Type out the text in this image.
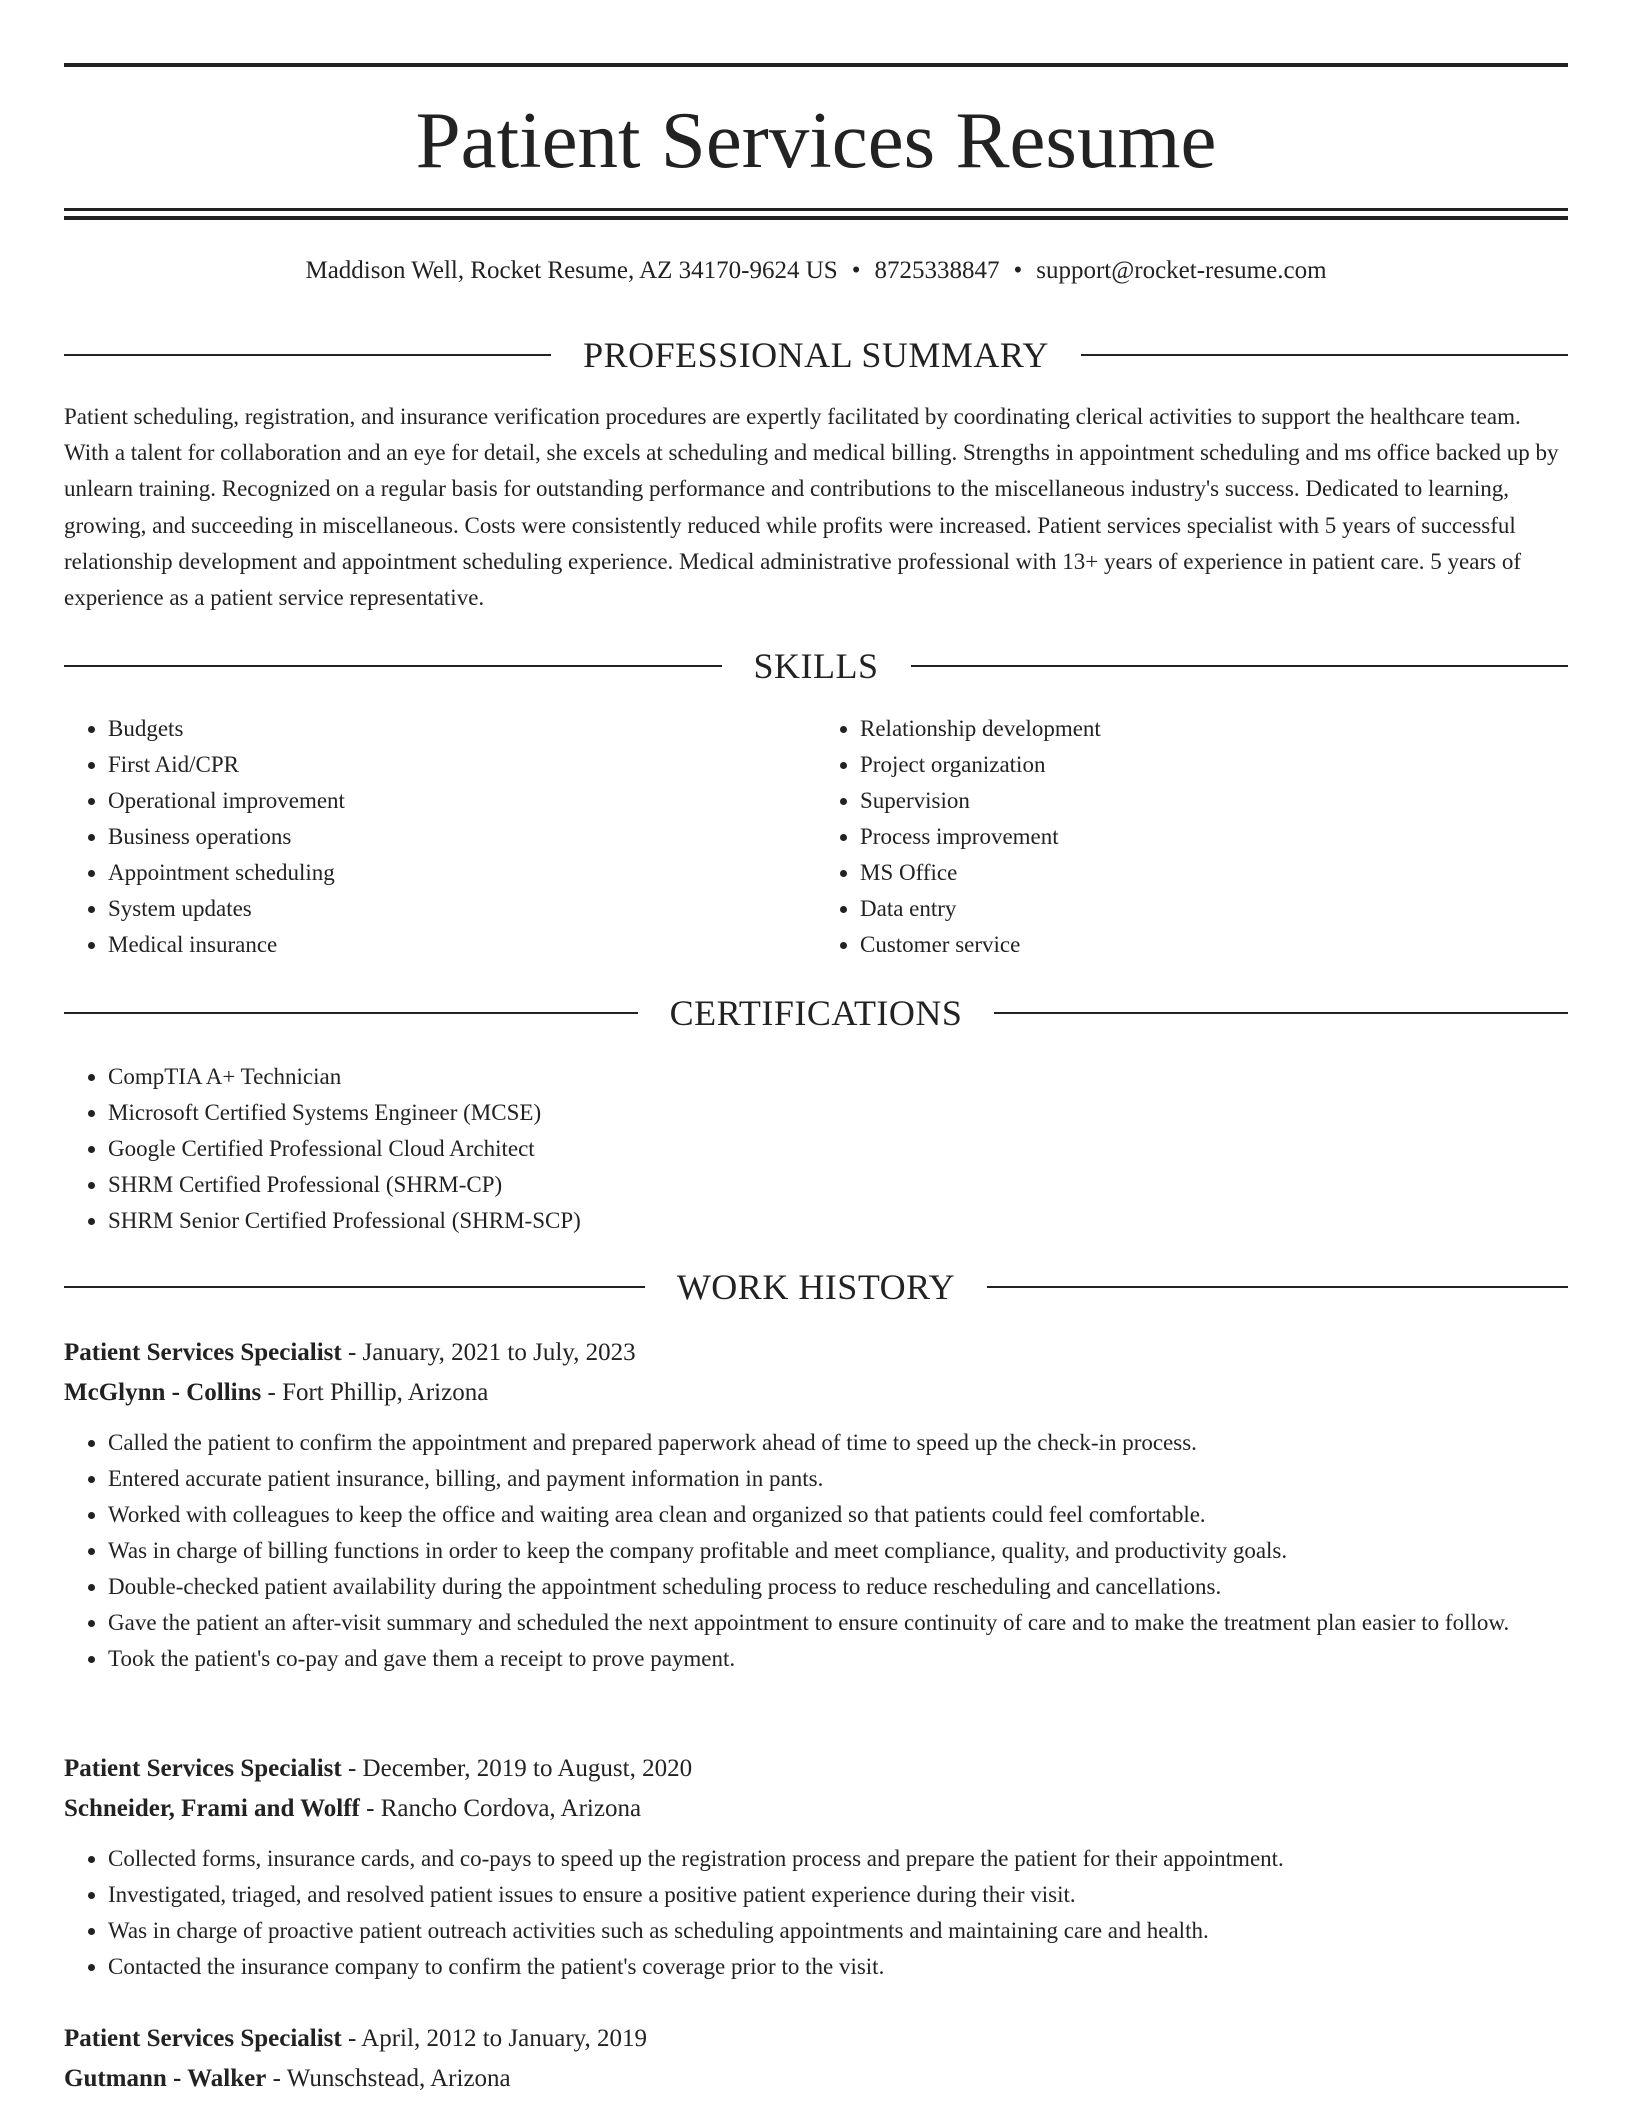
Patient Services Resume
Maddison Well, Rocket Resume, AZ 34170-9624 US • 8725338847 • support@rocket-resume.com
PROFESSIONAL SUMMARY

Patient scheduling, registration, and insurance verification procedures are expertly facilitated by coordinating clerical activities to support the healthcare team. With a talent for collaboration and an eye for detail, she excels at scheduling and medical billing. Strengths in appointment scheduling and ms office backed up by unlearn training. Recognized on a regular basis for outstanding performance and contributions to the miscellaneous industry's success. Dedicated to learning, growing, and succeeding in miscellaneous. Costs were consistently reduced while profits were increased. Patient services specialist with 5 years of successful relationship development and appointment scheduling experience. Medical administrative professional with 13+ years of experience in patient care. 5 years of experience as a patient service representative.

SKILLS
• Budgets
• First Aid/CPR
• Operational improvement
• Business operations
• Appointment scheduling
• System updates
• Medical insurance
• Relationship development
• Project organization
• Supervision
• Process improvement
• MS Office
• Data entry
• Customer service
CERTIFICATIONS
• CompTIA A+ Technician
• Microsoft Certified Systems Engineer (MCSE)
• Google Certified Professional Cloud Architect
• SHRM Certified Professional (SHRM-CP)
• SHRM Senior Certified Professional (SHRM-SCP)
WORK HISTORY
Patient Services Specialist - January, 2021 to July, 2023
McGlynn - Collins - Fort Phillip, Arizona
• Called the patient to confirm the appointment and prepared paperwork ahead of time to speed up the check-in process.
• Entered accurate patient insurance, billing, and payment information in pants.
• Worked with colleagues to keep the office and waiting area clean and organized so that patients could feel comfortable.
• Was in charge of billing functions in order to keep the company profitable and meet compliance, quality, and productivity goals.
• Double-checked patient availability during the appointment scheduling process to reduce rescheduling and cancellations.
• Gave the patient an after-visit summary and scheduled the next appointment to ensure continuity of care and to make the treatment plan easier to follow.
• Took the patient's co-pay and gave them a receipt to prove payment.
Patient Services Specialist - December, 2019 to August, 2020
Schneider, Frami and Wolff - Rancho Cordova, Arizona
• Collected forms, insurance cards, and co-pays to speed up the registration process and prepare the patient for their appointment.
• Investigated, triaged, and resolved patient issues to ensure a positive patient experience during their visit.
• Was in charge of proactive patient outreach activities such as scheduling appointments and maintaining care and health.
• Contacted the insurance company to confirm the patient's coverage prior to the visit.
Patient Services Specialist - April, 2012 to January, 2019
Gutmann - Walker - Wunschstead, Arizona
